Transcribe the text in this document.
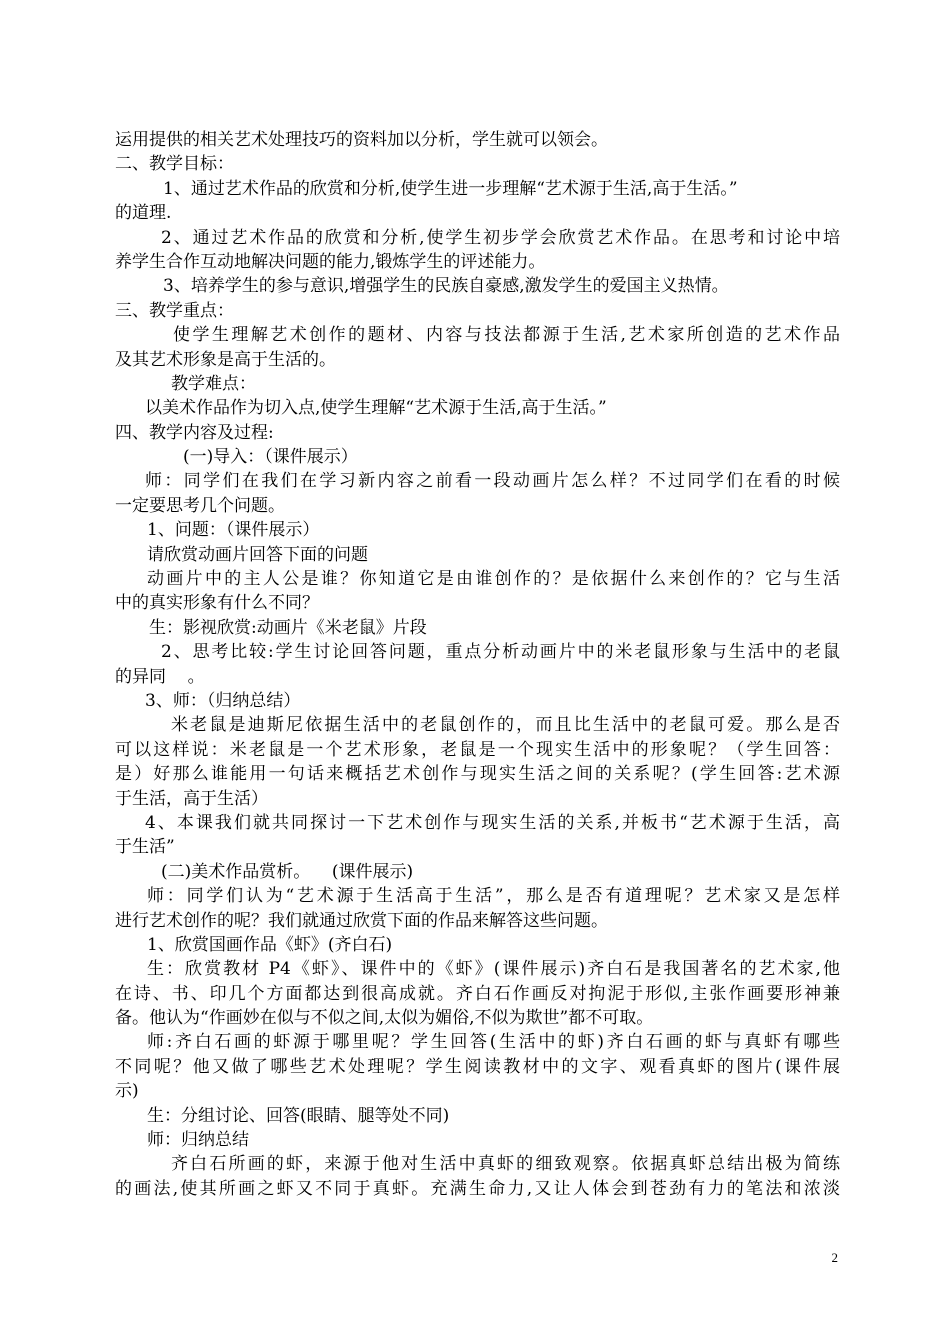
运用提供的相关艺术处理技巧的资料加以分析，学生就可以领会。
二、教学目标：
1、通过艺术作品的欣赏和分析,使学生进一步理解“艺术源于生活,高于生活。”
的道理.
2、通过艺术作品的欣赏和分析,使学生初步学会欣赏艺术作品。在思考和讨论中培
养学生合作互动地解决问题的能力,锻炼学生的评述能力。
3、培养学生的参与意识,增强学生的民族自豪感,激发学生的爱国主义热情。
三、教学重点：
使学生理解艺术创作的题材、内容与技法都源于生活,艺术家所创造的艺术作品
及其艺术形象是高于生活的。
教学难点：
以美术作品作为切入点,使学生理解“艺术源于生活,高于生活。”
四、教学内容及过程:
(一)导入：（课件展示）
师：同学们在我们在学习新内容之前看一段动画片怎么样？不过同学们在看的时候
一定要思考几个问题。
1、问题：（课件展示）
请欣赏动画片回答下面的问题
动画片中的主人公是谁？你知道它是由谁创作的？是依据什么来创作的？它与生活
中的真实形象有什么不同？
生：影视欣赏:动画片《米老鼠》片段
2、思考比较:学生讨论回答问题，重点分析动画片中的米老鼠形象与生活中的老鼠
的异同    。
3、师：（归纳总结）
米老鼠是迪斯尼依据生活中的老鼠创作的，而且比生活中的老鼠可爱。那么是否
可以这样说：米老鼠是一个艺术形象，老鼠是一个现实生活中的形象呢？（学生回答：
是）好那么谁能用一句话来概括艺术创作与现实生活之间的关系呢？(学生回答:艺术源
于生活，高于生活）
4、本课我们就共同探讨一下艺术创作与现实生活的关系,并板书“艺术源于生活，高
于生活”
(二)美术作品赏析。    (课件展示)
师：同学们认为“艺术源于生活高于生活”，那么是否有道理呢？艺术家又是怎样
进行艺术创作的呢？我们就通过欣赏下面的作品来解答这些问题。
1、欣赏国画作品《虾》(齐白石)
生：欣赏教材 P4《虾》、课件中的《虾》(课件展示)齐白石是我国著名的艺术家,他
在诗、书、印几个方面都达到很高成就。齐白石作画反对拘泥于形似,主张作画要形神兼
备。他认为“作画妙在似与不似之间,太似为媚俗,不似为欺世”都不可取。
师:齐白石画的虾源于哪里呢？学生回答(生活中的虾)齐白石画的虾与真虾有哪些
不同呢？他又做了哪些艺术处理呢？学生阅读教材中的文字、观看真虾的图片(课件展
示)
生：分组讨论、回答(眼睛、腿等处不同)
师：归纳总结
齐白石所画的虾，来源于他对生活中真虾的细致观察。依据真虾总结出极为简练
的画法,使其所画之虾又不同于真虾。充满生命力,又让人体会到苍劲有力的笔法和浓淡
2
